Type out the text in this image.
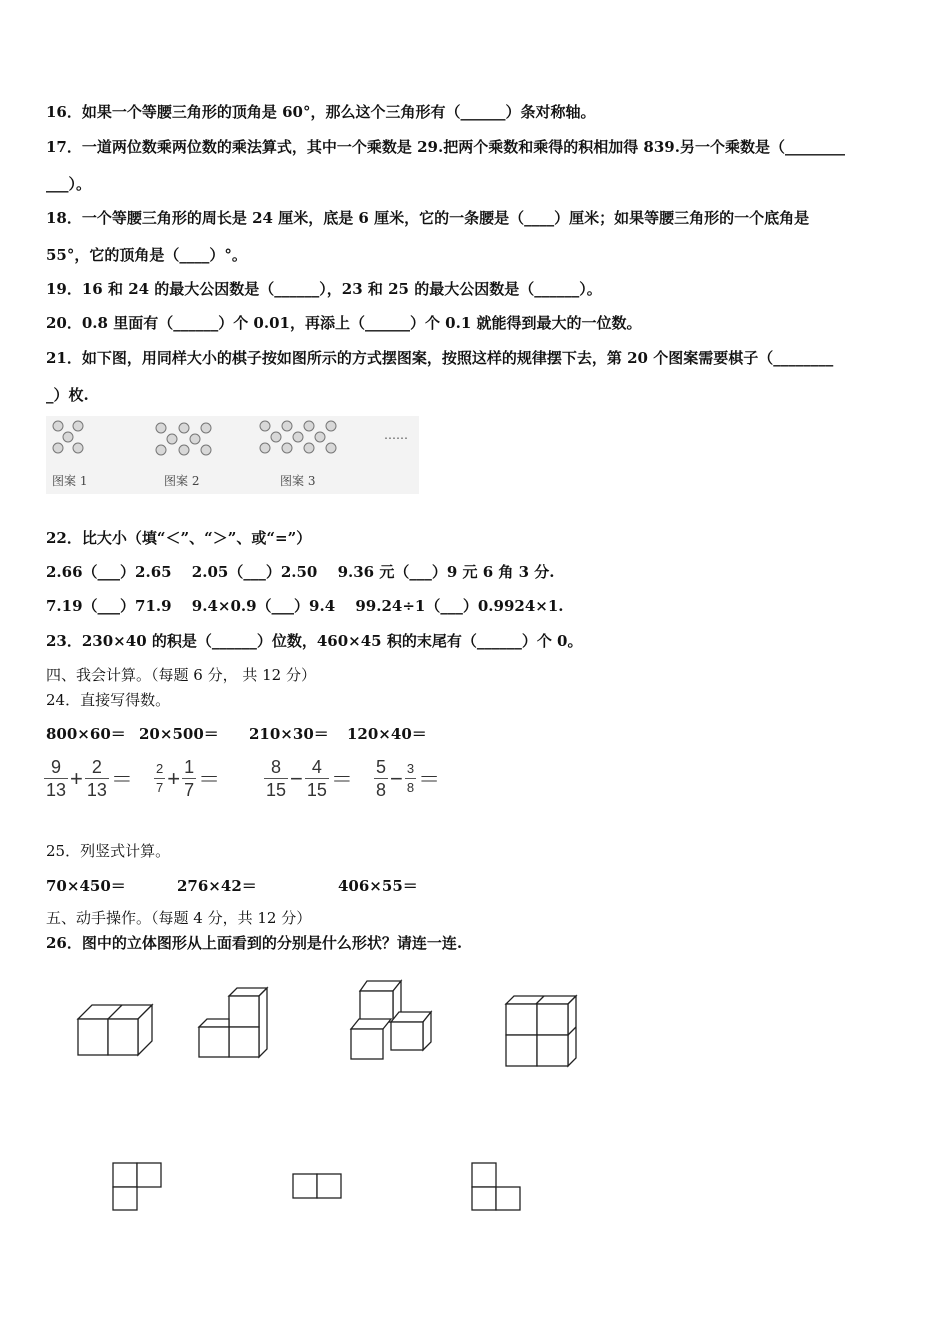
16．如果一个等腰三角形的顶角是 60°，那么这个三角形有（______）条对称轴。
17．一道两位数乘两位数的乘法算式，其中一个乘数是 29.把两个乘数和乘得的积相加得 839.另一个乘数是（________
___）。
18．一个等腰三角形的周长是 24 厘米，底是 6 厘米，它的一条腰是（____）厘米；如果等腰三角形的一个底角是
55°，它的顶角是（____）°。
19．16 和 24 的最大公因数是（______），23 和 25 的最大公因数是（______）。
20．0.8 里面有（______）个 0.01，再添上（______）个 0.1 就能得到最大的一位数。
21．如下图，用同样大小的棋子按如图所示的方式摆图案，按照这样的规律摆下去，第 20 个图案需要棋子（________
_）枚.
图案 1	图案 2	图案 3
……
22．比大小（填“＜”、“＞”、或“=”）
2.66（___）2.65　 2.05（___）2.50　 9.36 元（___）9 元 6 角 3 分.
7.19（___）71.9　 9.4×0.9（___）9.4　 99.24÷1（___）0.9924×1.
23．230×40 的积是（______）位数，460×45 积的末尾有（______）个 0。
四、我会计算。（每题 6 分， 共 12 分）
24．直接写得数。
800×60＝ 20×500＝ 210×30＝ 120×40＝
$\frac{9}{13} + \frac{2}{13} = \frac{2}{7} + \frac{1}{7} = \frac{8}{15} - \frac{4}{15} = \frac{5}{8} - \frac{3}{8}$ ＝
25．列竖式计算。
70×450＝	276×42＝	406×55＝
五、动手操作。（每题 4 分，共 12 分）
26．图中的立体图形从上面看到的分别是什么形状？请连一连.
